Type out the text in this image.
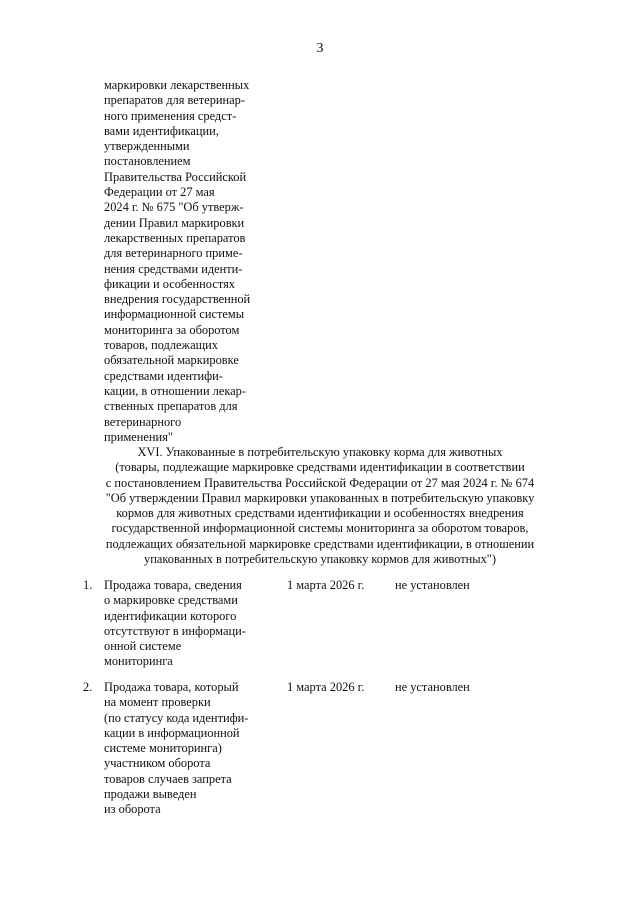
3
маркировки лекарственных
препаратов для ветеринар-
ного применения средст-
вами идентификации,
утвержденными
постановлением
Правительства Российской
Федерации от 27 мая
2024 г. № 675 "Об утверж-
дении Правил маркировки
лекарственных препаратов
для ветеринарного приме-
нения средствами иденти-
фикации и особенностях
внедрения государственной
информационной системы
мониторинга за оборотом
товаров, подлежащих
обязательной маркировке
средствами идентифи-
кации, в отношении лекар-
ственных препаратов для
ветеринарного
применения"
XVI. Упакованные в потребительскую упаковку корма для животных
(товары, подлежащие маркировке средствами идентификации в соответствии
с постановлением Правительства Российской Федерации от 27 мая 2024 г. № 674
"Об утверждении Правил маркировки упакованных в потребительскую упаковку
кормов для животных средствами идентификации и особенностях внедрения
государственной информационной системы мониторинга за оборотом товаров,
подлежащих обязательной маркировке средствами идентификации, в отношении
упакованных в потребительскую упаковку кормов для животных")
1. Продажа товара, сведения
о маркировке средствами
идентификации которого
отсутствуют в информаци-
онной системе
мониторинга
1 марта 2026 г. не установлен
2. Продажа товара, который
на момент проверки
(по статусу кода идентифи-
кации в информационной
системе мониторинга)
участником оборота
товаров случаев запрета
продажи выведен
из оборота
1 марта 2026 г. не установлен
